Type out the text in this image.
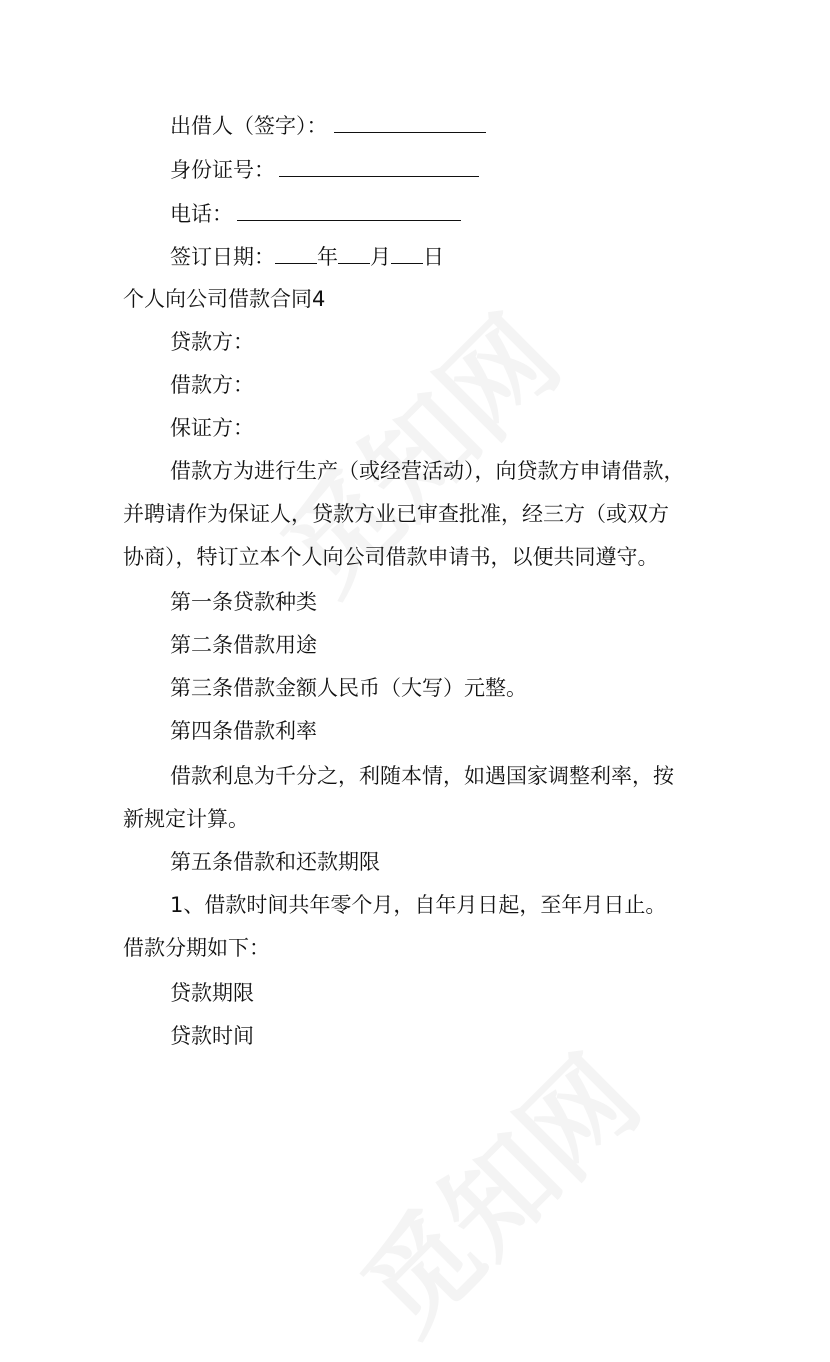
出借人（签字）：
身份证号：
电话：
签订日期： 年 月 日
个人向公司借款合同4
贷款方：
借款方：
保证方：
借款方为进行生产（或经营活动），向贷款方申请借款，
并聘请作为保证人，贷款方业已审查批准，经三方（或双方
协商），特订立本个人向公司借款申请书，以便共同遵守。
第一条贷款种类
第二条借款用途
第三条借款金额人民币（大写）元整。
第四条借款利率
借款利息为千分之，利随本情，如遇国家调整利率，按
新规定计算。
第五条借款和还款期限
1、借款时间共年零个月，自年月日起，至年月日止。
借款分期如下：
贷款期限
贷款时间
